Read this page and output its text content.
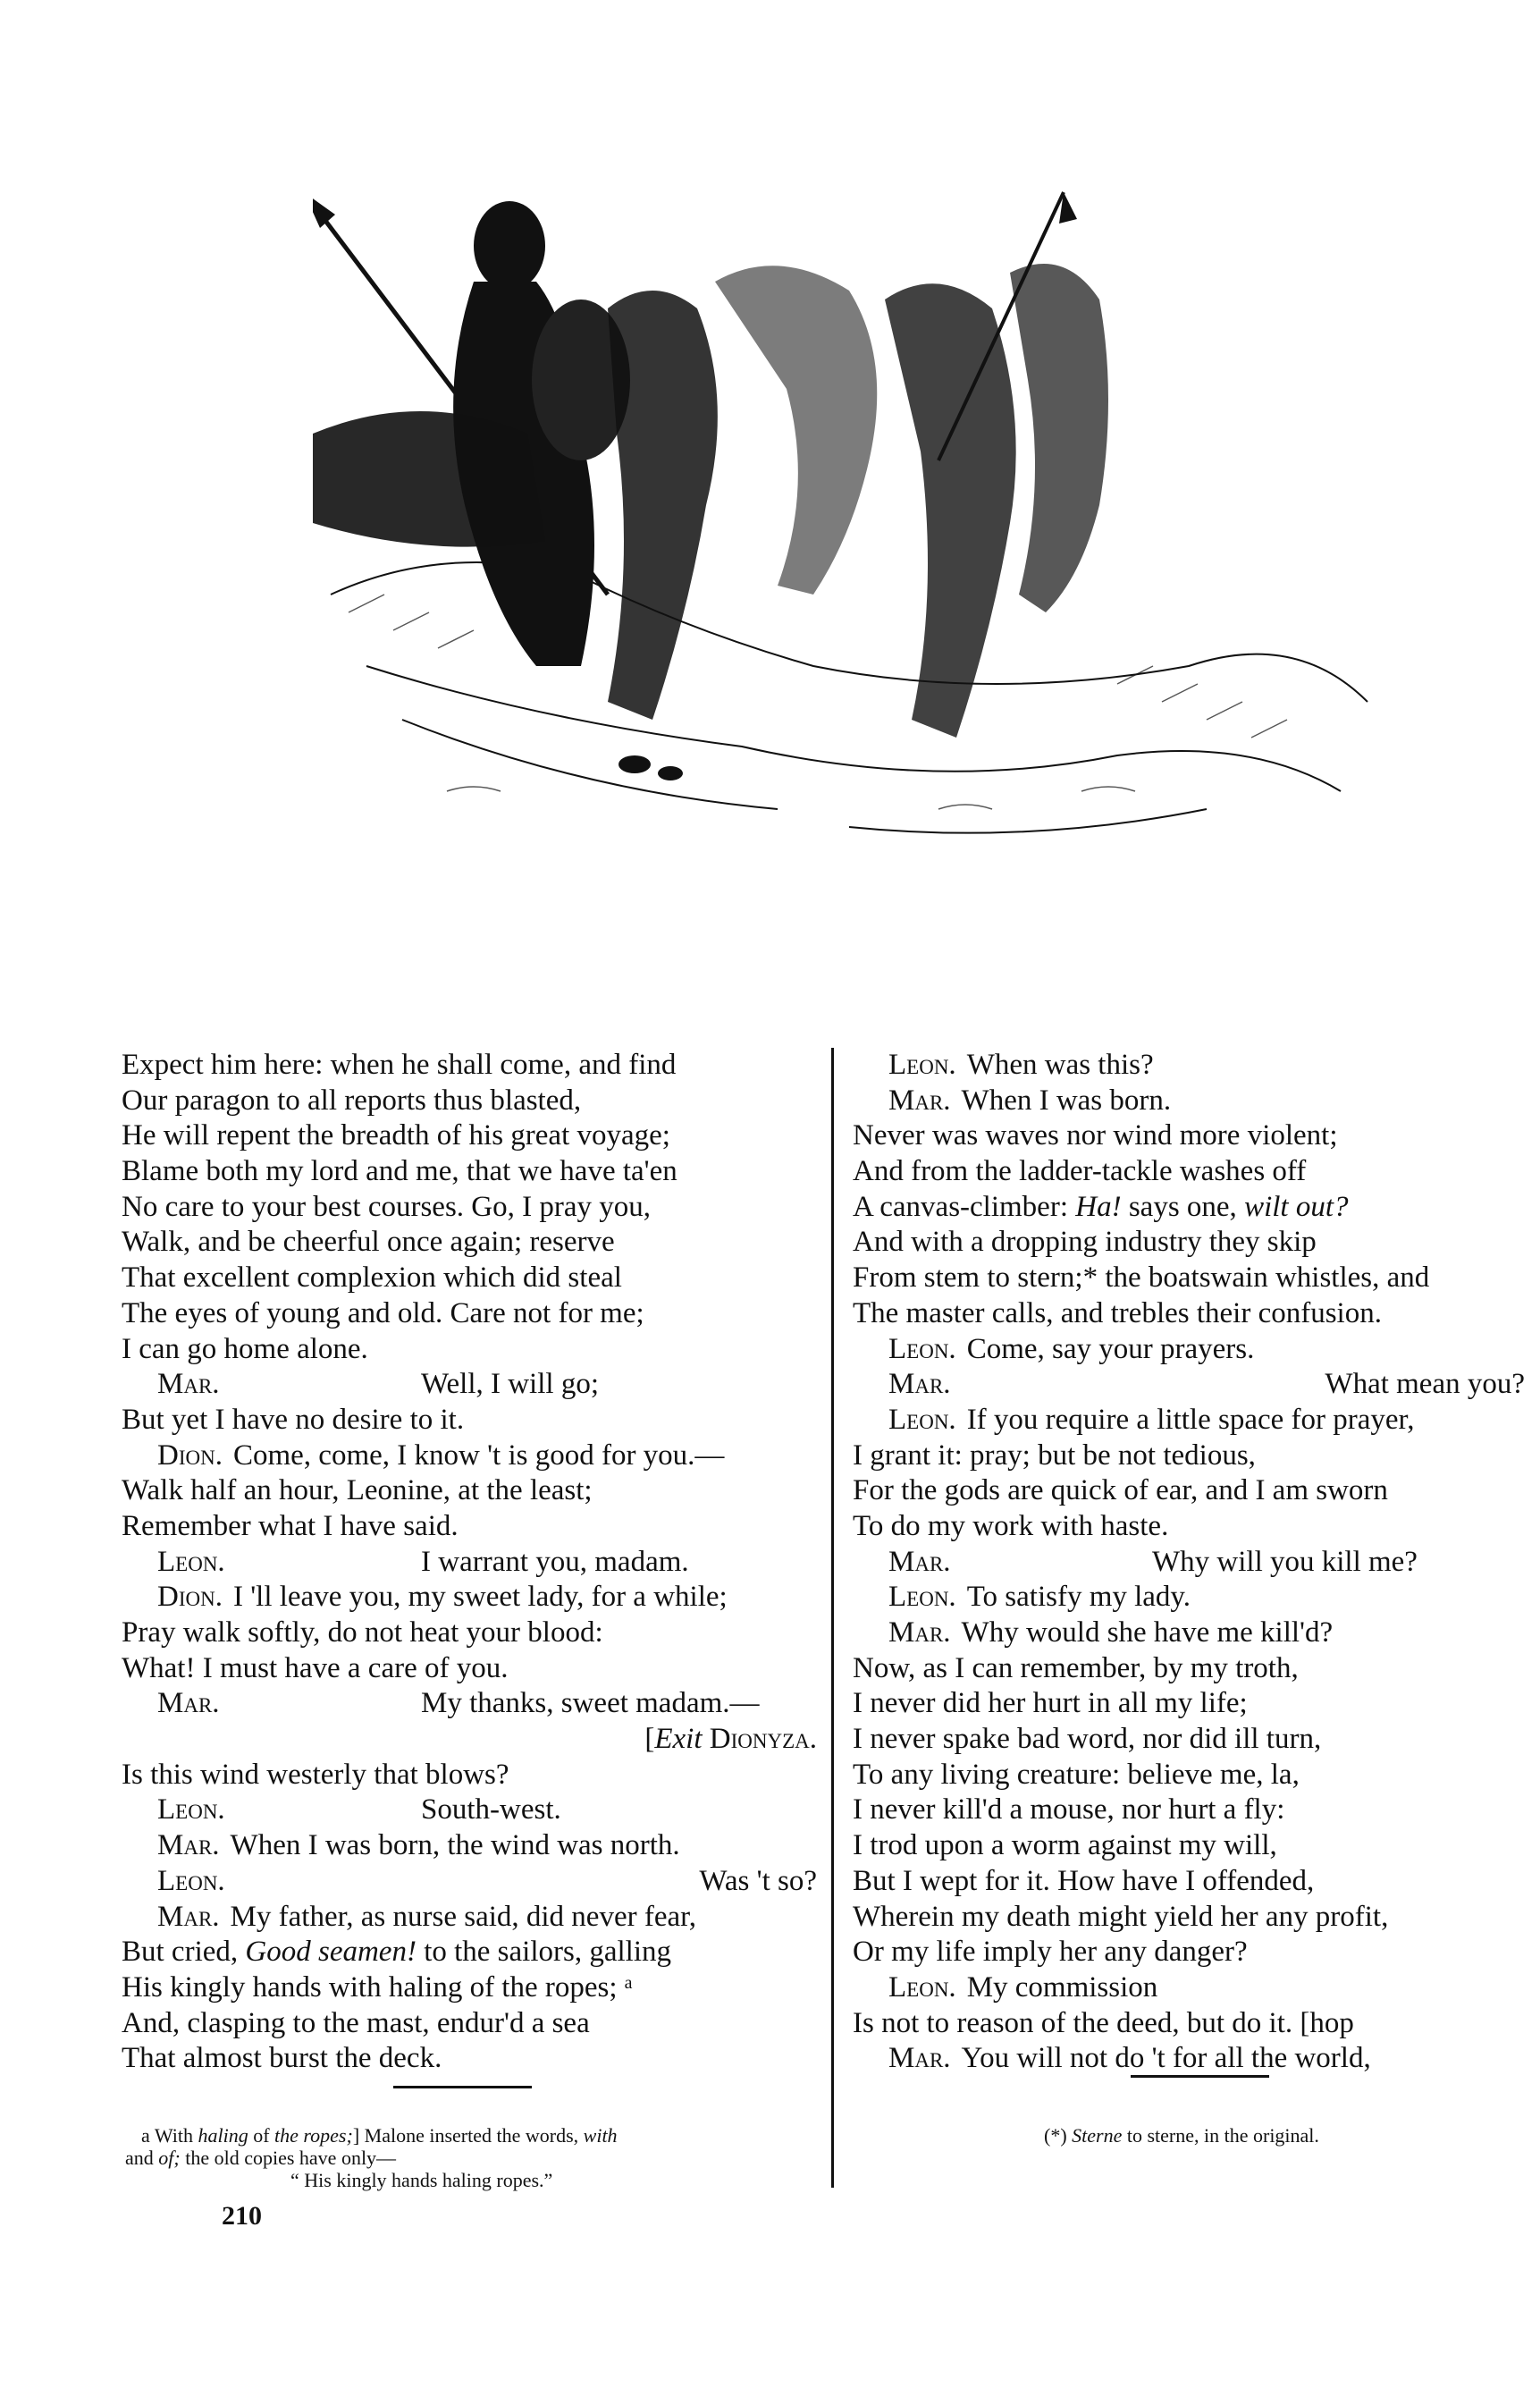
Expect him here: when he shall come, and find
Our paragon to all reports thus blasted,
He will repent the breadth of his great voyage;
Blame both my lord and me, that we have ta'en
No care to your best courses. Go, I pray you,
Walk, and be cheerful once again; reserve
That excellent complexion which did steal
The eyes of young and old. Care not for me;
I can go home alone.
Mar.	Well, I will go;
But yet I have no desire to it.
Dion. Come, come, I know 't is good for you.—
Walk half an hour, Leonine, at the least;
Remember what I have said.
Leon.	I warrant you, madam.
Dion. I 'll leave you, my sweet lady, for a while;
Pray walk softly, do not heat your blood:
What! I must have a care of you.
Mar.	My thanks, sweet madam.—
[Exit Dionyza.
Is this wind westerly that blows?
Leon.	South-west.
Mar. When I was born, the wind was north.
Leon.	Was 't so?
Mar. My father, as nurse said, did never fear,
But cried, Good seamen! to the sailors, galling
His kingly hands with haling of the ropes; ᵃ
And, clasping to the mast, endur'd a sea
That almost burst the deck.
Leon. When was this?
Mar. When I was born.
Never was waves nor wind more violent;
And from the ladder-tackle washes off
A canvas-climber: Ha! says one, wilt out?
And with a dropping industry they skip
From stem to stern;* the boatswain whistles, and
The master calls, and trebles their confusion.
Leon. Come, say your prayers.
Mar.	What mean you?
Leon. If you require a little space for prayer,
I grant it: pray; but be not tedious,
For the gods are quick of ear, and I am sworn
To do my work with haste.
Mar.	Why will you kill me?
Leon. To satisfy my lady.
Mar. Why would she have me kill'd?
Now, as I can remember, by my troth,
I never did her hurt in all my life;
I never spake bad word, nor did ill turn,
To any living creature: believe me, la,
I never kill'd a mouse, nor hurt a fly:
I trod upon a worm against my will,
But I wept for it. How have I offended,
Wherein my death might yield her any profit,
Or my life imply her any danger?
Leon. My commission
Is not to reason of the deed, but do it. [hop
Mar. You will not do 't for all the world,
a With haling of the ropes;] Malone inserted the words, with
and of; the old copies have only—
“ His kingly hands haling ropes.”
(*) Sterne to sterne, in the original.
210
